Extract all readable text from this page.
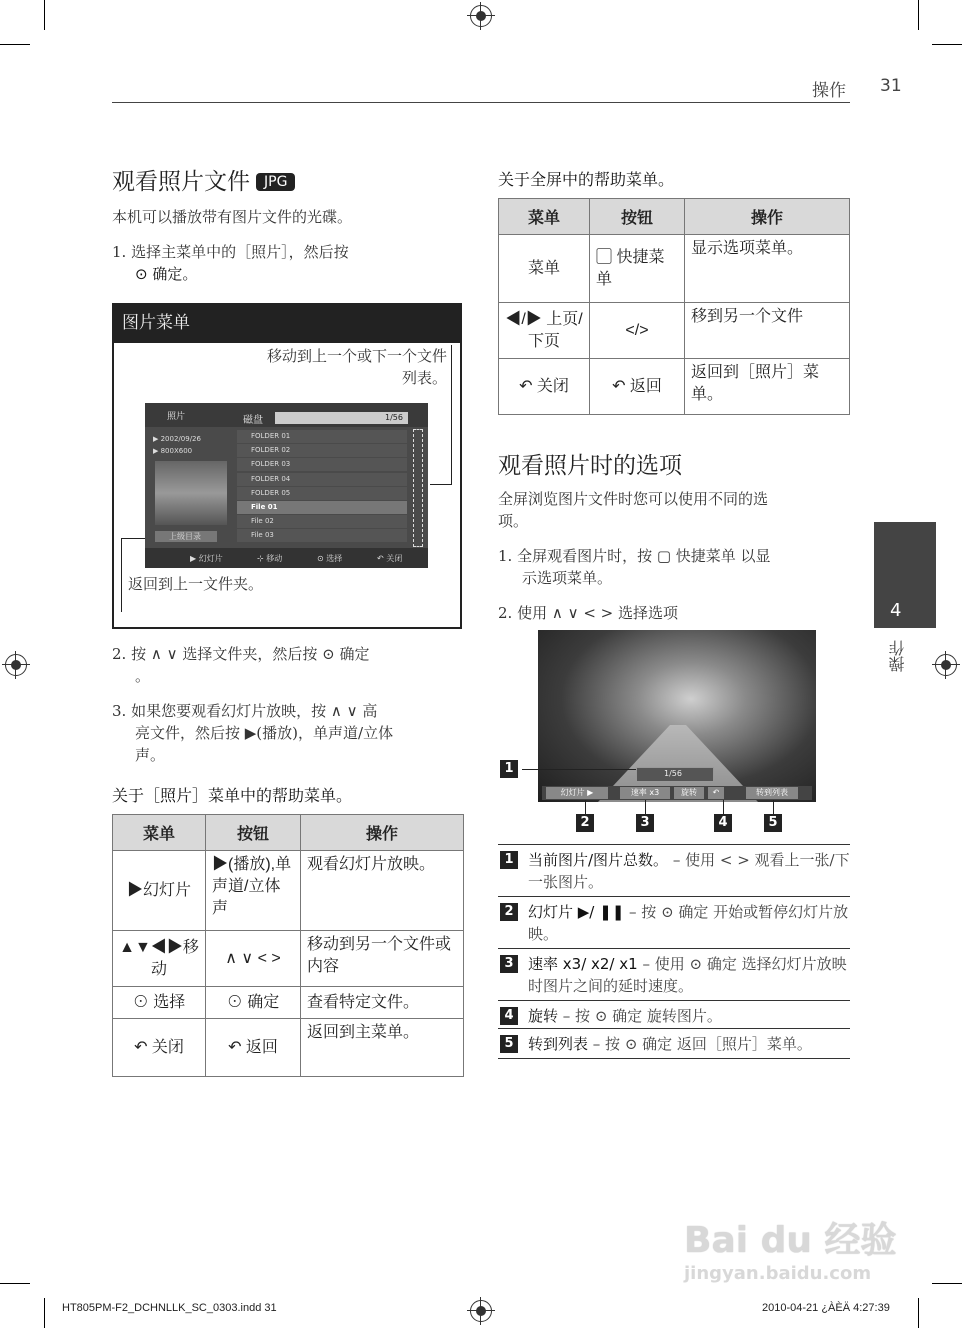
操作 31
观看照片文件 JPG
本机可以播放带有图片文件的光碟。
1. 选择主菜单中的［照片］，然后按
⊙ 确定。
图片菜单
移动到上一个或下一个文件列表。
返回到上一文件夹。
照片	磁盘	1/56
▶ 2002/09/26
▶ 800X600
上级目录
FOLDER 01
FOLDER 02
FOLDER 03
FOLDER 04
FOLDER 05
File 01
File 02
File 03
▶ 幻灯片	⊹ 移动	⊙ 选择	↶ 关闭
2. 按 ∧ ∨ 选择文件夹，然后按 ⊙ 确定
。
3. 如果您要观看幻灯片放映，按 ∧ ∨ 高
亮文件，然后按 ▶(播放)，单声道/立体
声。
关于［照片］菜单中的帮助菜单。
菜单	按钮	操作
▶幻灯片	▶(播放),单声道/立体声	观看幻灯片放映。
▲▼◀▶移动	∧ ∨ < >	移动到另一个文件或内容
⊙ 选择	⊙ 确定	查看特定文件。
↶ 关闭	↶ 返回	返回到主菜单。
关于全屏中的帮助菜单。
菜单	按钮	操作
菜单	▢ 快捷菜单	显示选项菜单。
◀/▶ 上页/下页	</>	移到另一个文件
↶ 关闭	↶ 返回	返回到［照片］菜单。
观看照片时的选项
全屏浏览图片文件时您可以使用不同的选
项。
1. 全屏观看图片时，按 ▢ 快捷菜单 以显
示选项菜单。
2. 使用 ∧ ∨ < > 选择选项
1/56
幻灯片 ▶	速率 x3	旋转	↶	转到列表
1
2	3	4	5
1 当前图片/图片总数。 – 使用 < > 观看上一张/下一张图片。
2 幻灯片 ▶/ ❚❚ – 按 ⊙ 确定 开始或暂停幻灯片放映。
3 速率 x3/ x2/ x1 – 使用 ⊙ 确定 选择幻灯片放映时图片之间的延时速度。
4 旋转 – 按 ⊙ 确定 旋转图片。
5 转到列表 – 按 ⊙ 确定 返回［照片］菜单。
4
操作
HT805PM-F2_DCHNLLK_SC_0303.indd 31	2010-04-21 ¿ÀÈÄ 4:27:39
Bai du 经验
jingyan.baidu.com
